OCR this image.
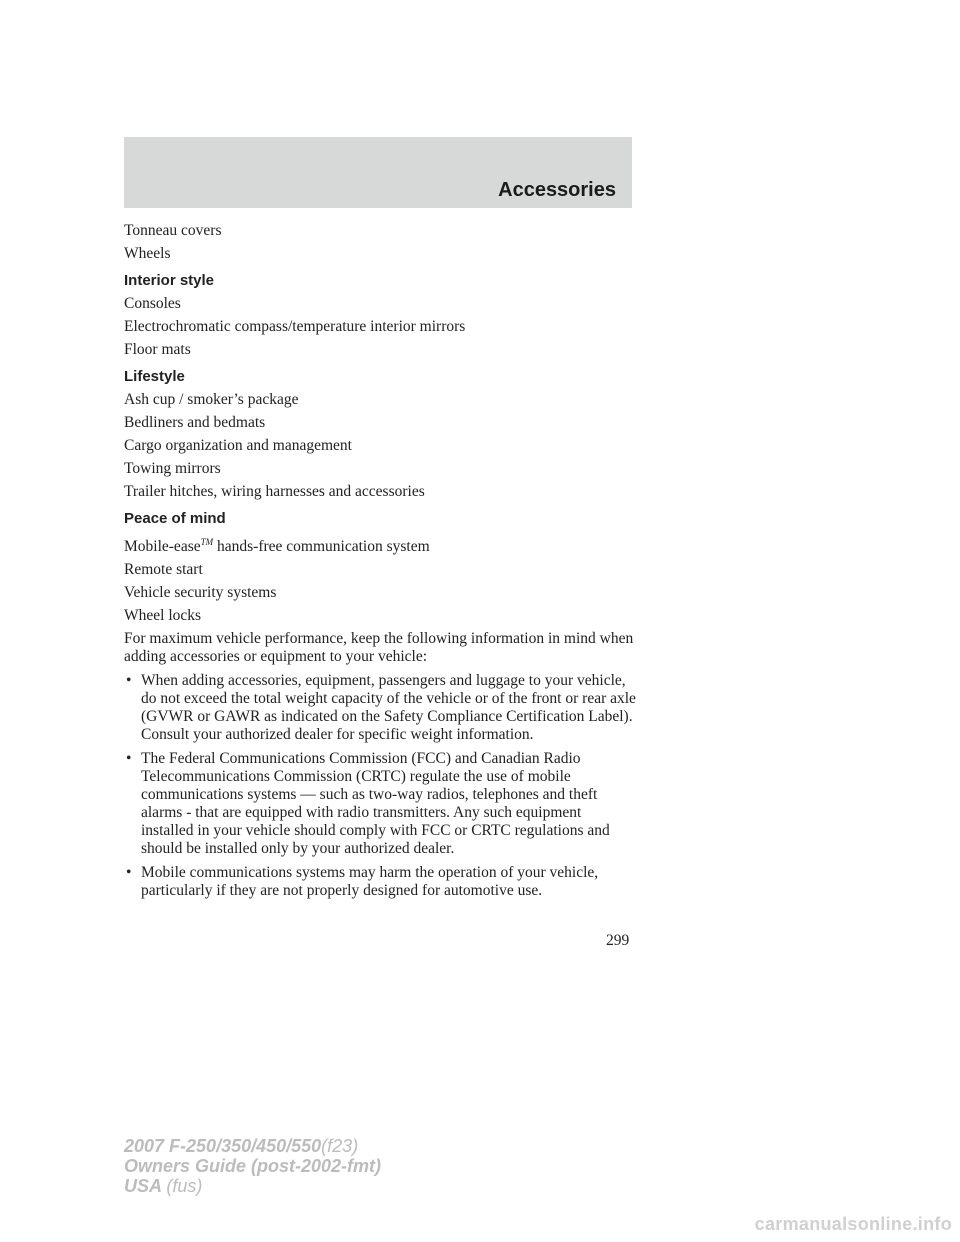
Accessories
Tonneau covers
Wheels
Interior style
Consoles
Electrochromatic compass/temperature interior mirrors
Floor mats
Lifestyle
Ash cup / smoker’s package
Bedliners and bedmats
Cargo organization and management
Towing mirrors
Trailer hitches, wiring harnesses and accessories
Peace of mind
Mobile-ease™ hands-free communication system
Remote start
Vehicle security systems
Wheel locks
For maximum vehicle performance, keep the following information in mind when adding accessories or equipment to your vehicle:
• When adding accessories, equipment, passengers and luggage to your vehicle, do not exceed the total weight capacity of the vehicle or of the front or rear axle (GVWR or GAWR as indicated on the Safety Compliance Certification Label). Consult your authorized dealer for specific weight information.
• The Federal Communications Commission (FCC) and Canadian Radio Telecommunications Commission (CRTC) regulate the use of mobile communications systems — such as two-way radios, telephones and theft alarms - that are equipped with radio transmitters. Any such equipment installed in your vehicle should comply with FCC or CRTC regulations and should be installed only by your authorized dealer.
• Mobile communications systems may harm the operation of your vehicle, particularly if they are not properly designed for automotive use.
299
2007 F-250/350/450/550(f23)
Owners Guide (post-2002-fmt)
USA (fus)
carmanualsonline.info
